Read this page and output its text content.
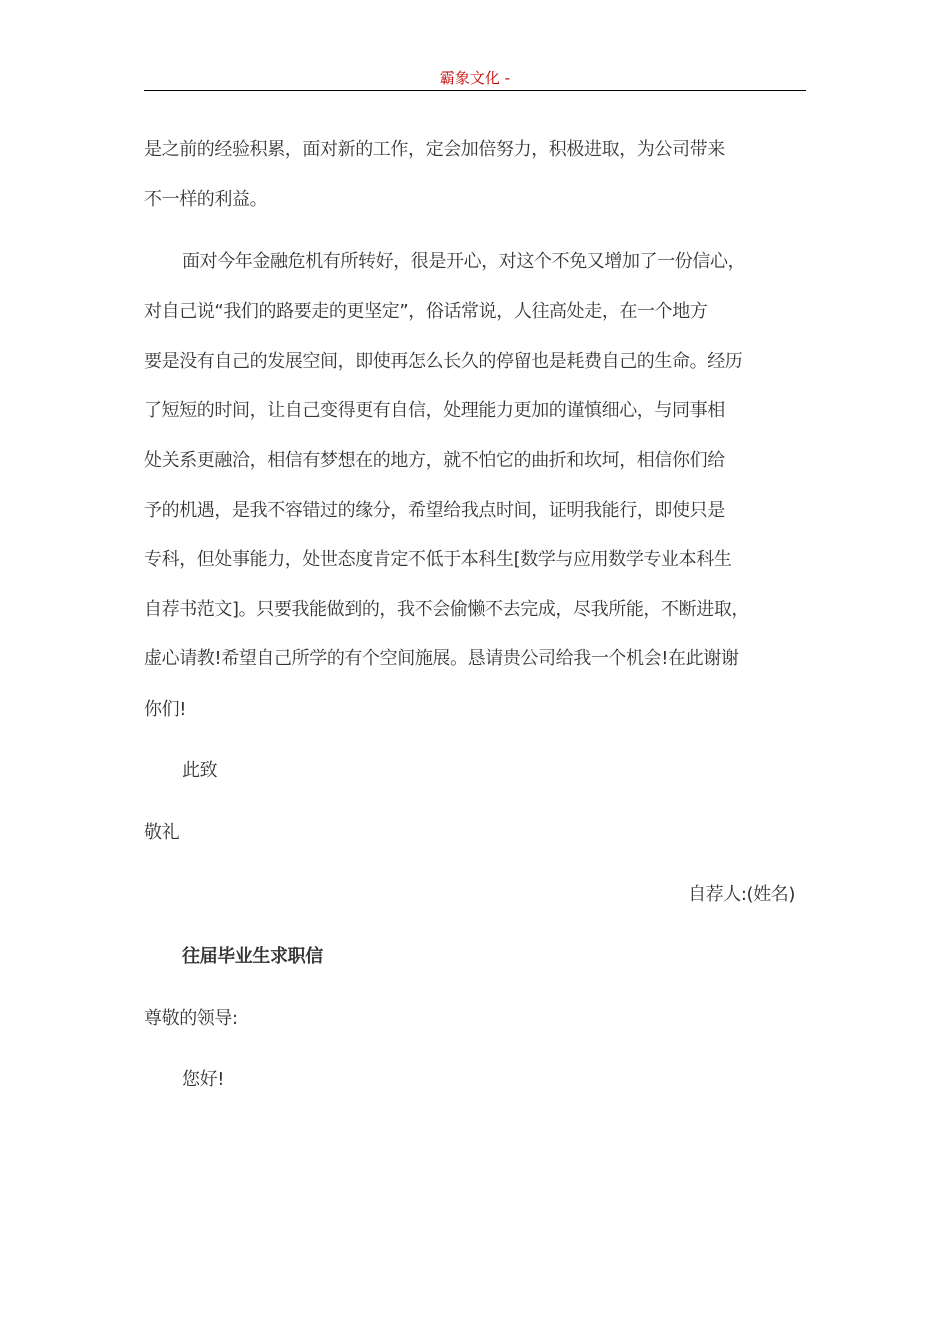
霸象文化 -
是之前的经验积累，面对新的工作，定会加倍努力，积极进取，为公司带来
不一样的利益。
面对今年金融危机有所转好，很是开心，对这个不免又增加了一份信心，
对自己说“我们的路要走的更坚定”，俗话常说，人往高处走，在一个地方
要是没有自己的发展空间，即使再怎么长久的停留也是耗费自己的生命。经历
了短短的时间，让自己变得更有自信，处理能力更加的谨慎细心，与同事相
处关系更融洽，相信有梦想在的地方，就不怕它的曲折和坎坷，相信你们给
予的机遇，是我不容错过的缘分，希望给我点时间，证明我能行，即使只是
专科，但处事能力，处世态度肯定不低于本科生[数学与应用数学专业本科生
自荐书范文]。只要我能做到的，我不会偷懒不去完成，尽我所能，不断进取，
虚心请教!希望自己所学的有个空间施展。恳请贵公司给我一个机会!在此谢谢
你们!
此致
敬礼
自荐人:(姓名)
往届毕业生求职信
尊敬的领导:
您好!
